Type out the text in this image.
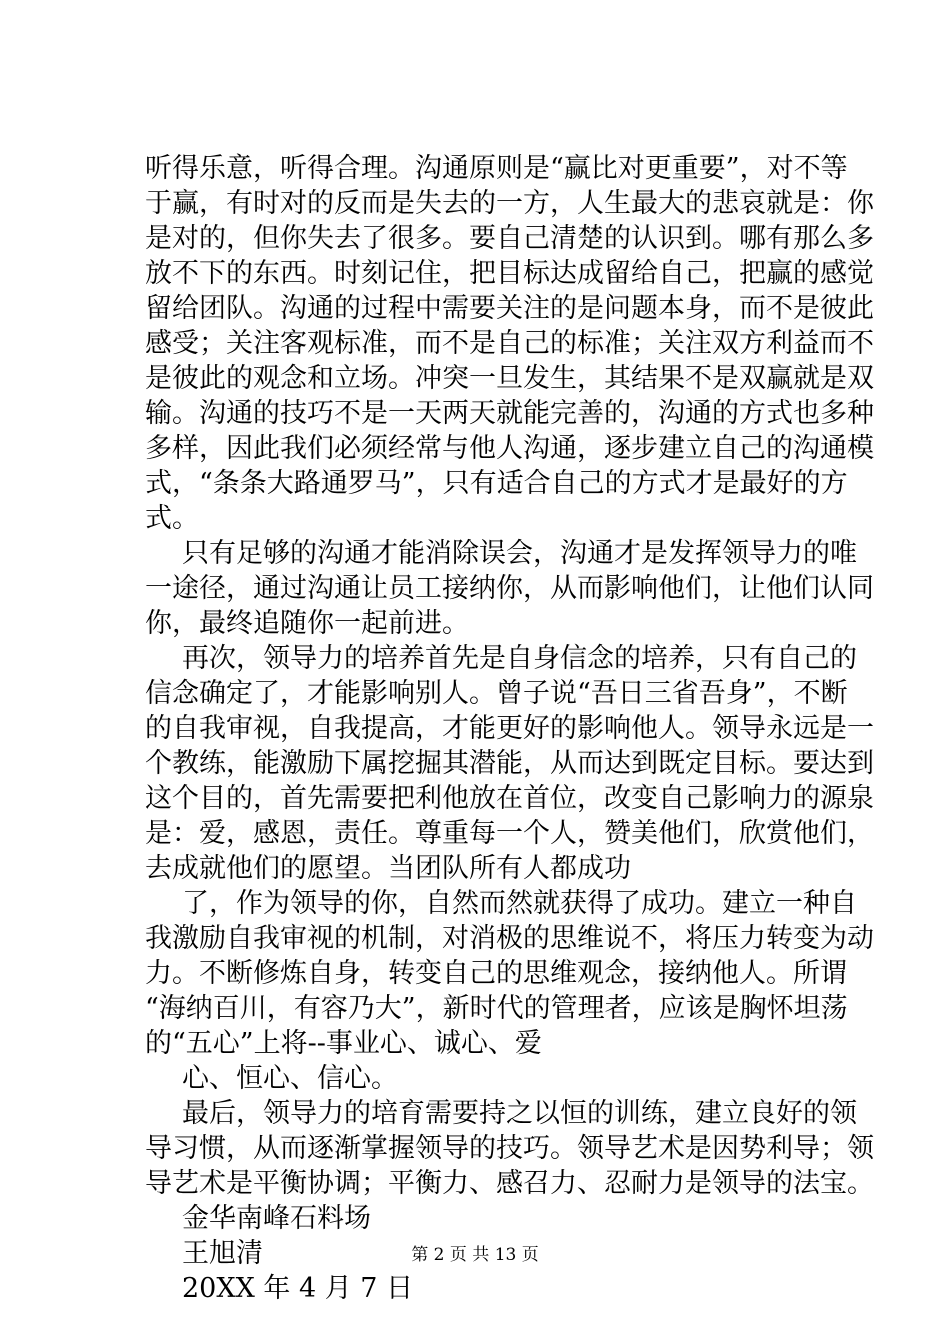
听得乐意，听得合理。沟通原则是“赢比对更重要”，对不等
于赢，有时对的反而是失去的一方，人生最大的悲哀就是：你
是对的，但你失去了很多。要自己清楚的认识到。哪有那么多
放不下的东西。时刻记住，把目标达成留给自己，把赢的感觉
留给团队。沟通的过程中需要关注的是问题本身，而不是彼此
感受；关注客观标准，而不是自己的标准；关注双方利益而不
是彼此的观念和立场。冲突一旦发生，其结果不是双赢就是双
输。沟通的技巧不是一天两天就能完善的，沟通的方式也多种
多样，因此我们必须经常与他人沟通，逐步建立自己的沟通模
式，“条条大路通罗马”，只有适合自己的方式才是最好的方
式。
只有足够的沟通才能消除误会，沟通才是发挥领导力的唯
一途径，通过沟通让员工接纳你，从而影响他们，让他们认同
你，最终追随你一起前进。
再次，领导力的培养首先是自身信念的培养，只有自己的
信念确定了，才能影响别人。曾子说“吾日三省吾身”，不断
的自我审视，自我提高，才能更好的影响他人。领导永远是一
个教练，能激励下属挖掘其潜能，从而达到既定目标。要达到
这个目的，首先需要把利他放在首位，改变自己影响力的源泉
是：爱，感恩，责任。尊重每一个人，赞美他们，欣赏他们，
去成就他们的愿望。当团队所有人都成功
了，作为领导的你，自然而然就获得了成功。建立一种自
我激励自我审视的机制，对消极的思维说不，将压力转变为动
力。不断修炼自身，转变自己的思维观念，接纳他人。所谓
“海纳百川，有容乃大”，新时代的管理者，应该是胸怀坦荡
的“五心”上将--事业心、诚心、爱
心、恒心、信心。
最后，领导力的培育需要持之以恒的训练，建立良好的领
导习惯，从而逐渐掌握领导的技巧。领导艺术是因势利导；领
导艺术是平衡协调；平衡力、感召力、忍耐力是领导的法宝。
金华南峰石料场
王旭清
20XX 年 4 月 7 日
第 2 页 共 13 页
